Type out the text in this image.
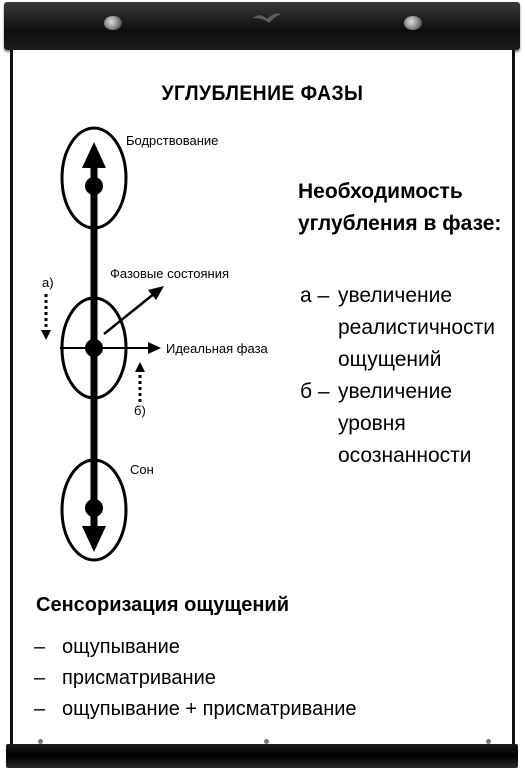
УГЛУБЛЕНИЕ ФАЗЫ
Бодрствование
Фазовые состояния
Идеальная фаза
Сон
а)
б)
Необходимость углубления в фазе:
а – увеличение реалистичности ощущений
б – увеличение уровня осознанности
Сенсоризация ощущений
– ощупывание
– присматривание
– ощупывание + присматривание
